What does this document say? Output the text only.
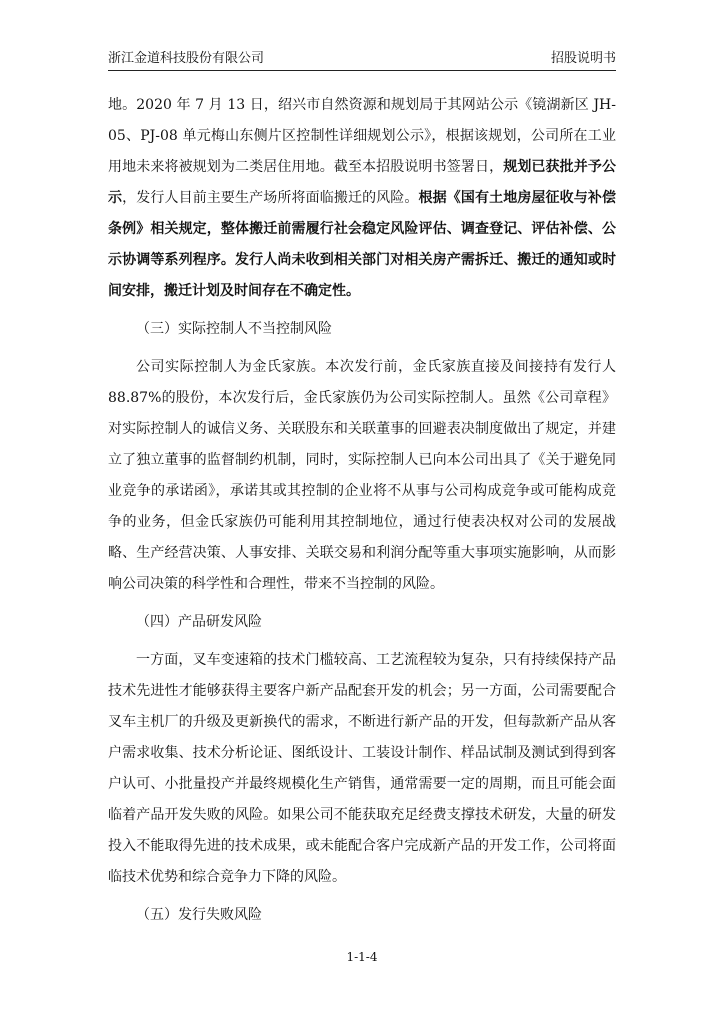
浙江金道科技股份有限公司	招股说明书

地。2020 年 7 月 13 日，绍兴市自然资源和规划局于其网站公示《镜湖新区 JH-05、PJ-08 单元梅山东侧片区控制性详细规划公示》，根据该规划，公司所在工业用地未来将被规划为二类居住用地。截至本招股说明书签署日，规划已获批并予公示，发行人目前主要生产场所将面临搬迁的风险。根据《国有土地房屋征收与补偿条例》相关规定，整体搬迁前需履行社会稳定风险评估、调查登记、评估补偿、公示协调等系列程序。发行人尚未收到相关部门对相关房产需拆迁、搬迁的通知或时间安排，搬迁计划及时间存在不确定性。

（三）实际控制人不当控制风险

公司实际控制人为金氏家族。本次发行前，金氏家族直接及间接持有发行人 88.87%的股份，本次发行后，金氏家族仍为公司实际控制人。虽然《公司章程》对实际控制人的诚信义务、关联股东和关联董事的回避表决制度做出了规定，并建立了独立董事的监督制约机制，同时，实际控制人已向本公司出具了《关于避免同业竞争的承诺函》，承诺其或其控制的企业将不从事与公司构成竞争或可能构成竞争的业务，但金氏家族仍可能利用其控制地位，通过行使表决权对公司的发展战略、生产经营决策、人事安排、关联交易和利润分配等重大事项实施影响，从而影响公司决策的科学性和合理性，带来不当控制的风险。

（四）产品研发风险

一方面，叉车变速箱的技术门槛较高、工艺流程较为复杂，只有持续保持产品技术先进性才能够获得主要客户新产品配套开发的机会；另一方面，公司需要配合叉车主机厂的升级及更新换代的需求，不断进行新产品的开发，但每款新产品从客户需求收集、技术分析论证、图纸设计、工装设计制作、样品试制及测试到得到客户认可、小批量投产并最终规模化生产销售，通常需要一定的周期，而且可能会面临着产品开发失败的风险。如果公司不能获取充足经费支撑技术研发，大量的研发投入不能取得先进的技术成果，或未能配合客户完成新产品的开发工作，公司将面临技术优势和综合竞争力下降的风险。

（五）发行失败风险

1-1-4
